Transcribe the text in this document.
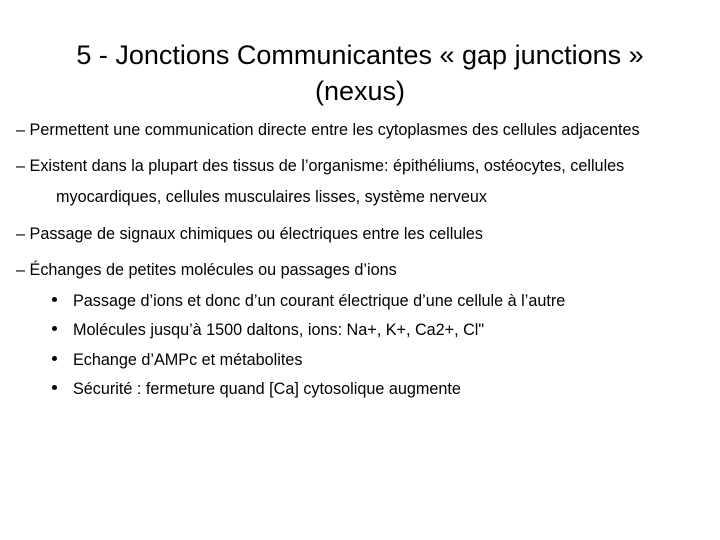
5 - Jonctions Communicantes « gap junctions »
(nexus)
– Permettent une communication directe entre les cytoplasmes des cellules adjacentes
– Existent dans la plupart des tissus de l’organisme: épithéliums, ostéocytes, cellules
myocardiques, cellules musculaires lisses, système nerveux
– Passage de signaux chimiques ou électriques entre les cellules
– Échanges de petites molécules ou passages d’ions
Passage d’ions et donc d’un courant électrique d’une cellule à l’autre
Molécules jusqu’à 1500 daltons, ions: Na+, K+, Ca2+, Cl"
Echange d’AMPc et métabolites
Sécurité : fermeture quand [Ca] cytosolique augmente
